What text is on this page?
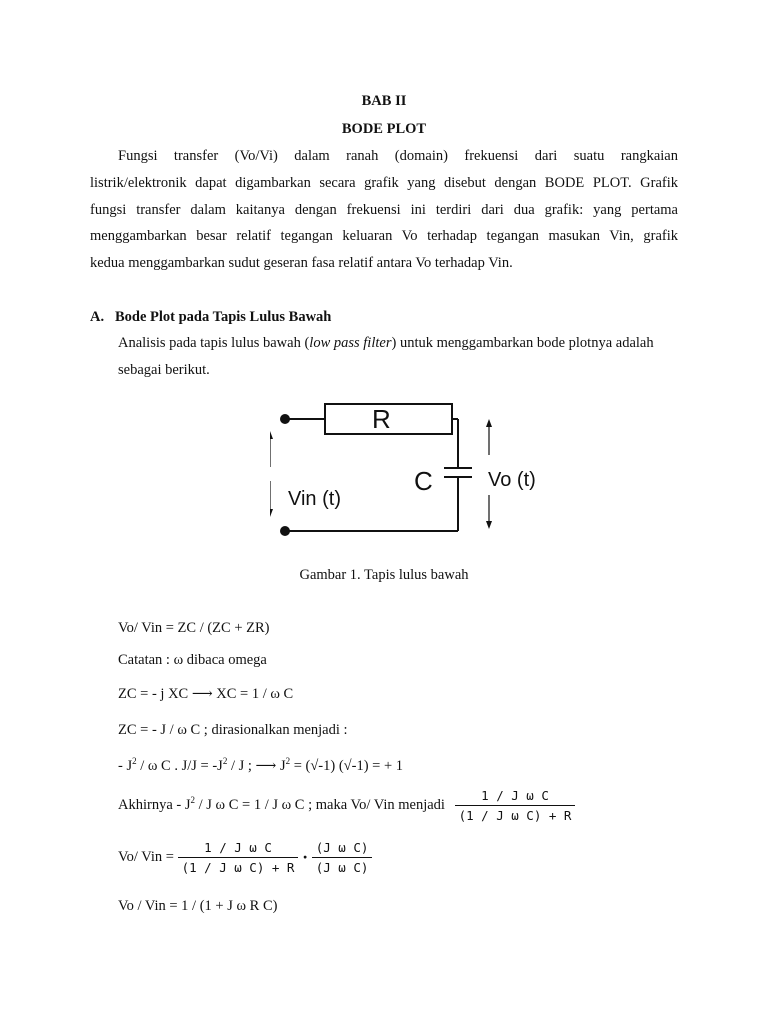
BAB II
BODE PLOT
Fungsi transfer (Vo/Vi) dalam ranah (domain) frekuensi dari suatu rangkaian
listrik/elektronik dapat digambarkan secara grafik yang disebut dengan BODE PLOT. Grafik
fungsi transfer dalam kaitanya dengan frekuensi ini terdiri dari dua grafik: yang pertama
menggambarkan besar relatif tegangan keluaran Vo terhadap tegangan masukan Vin, grafik
kedua menggambarkan sudut geseran fasa relatif antara Vo terhadap Vin.
A.   Bode Plot pada Tapis Lulus Bawah
Analisis pada tapis lulus bawah (low pass filter) untuk menggambarkan bode plotnya adalah
sebagai berikut.
R
C
Vin (t)
Vo (t)
Gambar 1. Tapis lulus bawah
Vo/ Vin = ZC / (ZC + ZR)
Catatan : ω dibaca omega
ZC = - j XC ⟶ XC = 1 / ω C
ZC = - J / ω C ; dirasionalkan menjadi :
- $J^2$ / ω C . $J/J = -J^2 / J$ ; ⟶ $J^2 = (√-1) (√-1)$ = + 1
Akhirnya - $J^2$ / J ω C = 1 / J ω C ; maka Vo/ Vin menjadi $\frac{\text{1 / J ω C}}{\text{(1 / J ω C) + R}}$
Vo/ Vin = $\frac{\text{1 / J ω C}}{\text{(1 / J ω C) + R}} \cdot \frac{\text{(J ω C)}}{\text{(J ω C)}}$
Vo / Vin = 1 / (1 + J ω R C)
